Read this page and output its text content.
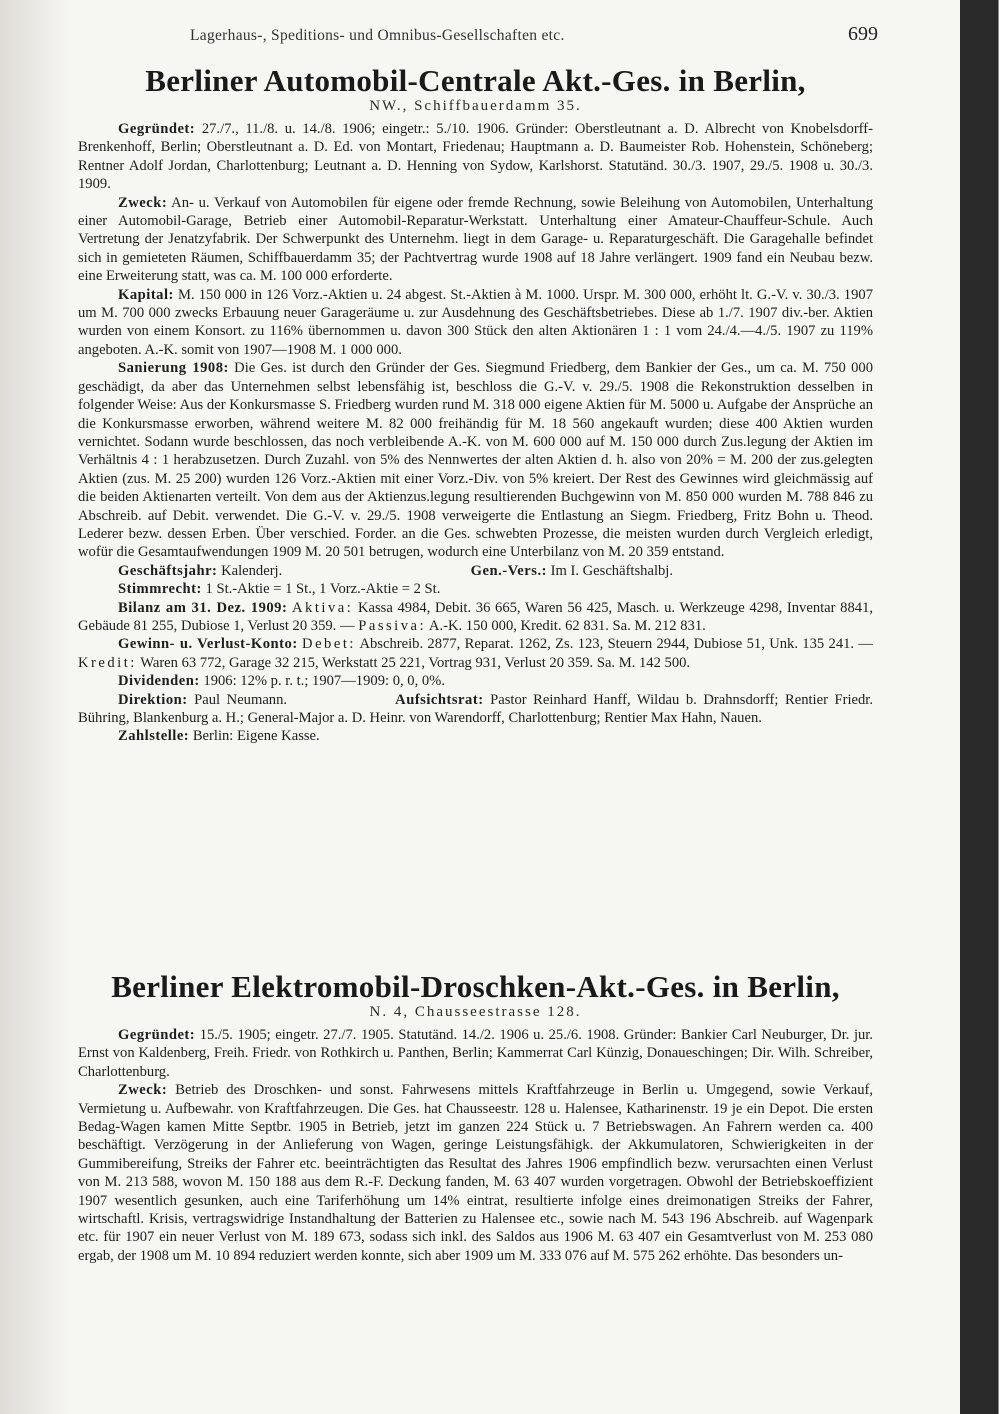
Lagerhaus-, Speditions- und Omnibus-Gesellschaften etc.	699
Berliner Automobil-Centrale Akt.-Ges. in Berlin,

NW., Schiffbauerdamm 35.

Gegründet: 27./7., 11./8. u. 14./8. 1906; eingetr.: 5./10. 1906. Gründer: Oberstleutnant a. D. Albrecht von Knobelsdorff-Brenkenhoff, Berlin; Oberstleutnant a. D. Ed. von Montart, Friedenau; Hauptmann a. D. Baumeister Rob. Hohenstein, Schöneberg; Rentner Adolf Jordan, Charlottenburg; Leutnant a. D. Henning von Sydow, Karlshorst. Statutänd. 30./3. 1907, 29./5. 1908 u. 30./3. 1909.

Zweck: An- u. Verkauf von Automobilen für eigene oder fremde Rechnung, sowie Beleihung von Automobilen, Unterhaltung einer Automobil-Garage, Betrieb einer Automobil-Reparatur-Werkstatt. Unterhaltung einer Amateur-Chauffeur-Schule. Auch Vertretung der Jenatzyfabrik. Der Schwerpunkt des Unternehm. liegt in dem Garage- u. Reparaturgeschäft. Die Garagehalle befindet sich in gemieteten Räumen, Schiffbauerdamm 35; der Pachtvertrag wurde 1908 auf 18 Jahre verlängert. 1909 fand ein Neubau bezw. eine Erweiterung statt, was ca. M. 100 000 erforderte.

Kapital: M. 150 000 in 126 Vorz.-Aktien u. 24 abgest. St.-Aktien à M. 1000. Urspr. M. 300 000, erhöht lt. G.-V. v. 30./3. 1907 um M. 700 000 zwecks Erbauung neuer Garageräume u. zur Ausdehnung des Geschäftsbetriebes. Diese ab 1./7. 1907 div.-ber. Aktien wurden von einem Konsort. zu 116% übernommen u. davon 300 Stück den alten Aktionären 1 : 1 vom 24./4.—4./5. 1907 zu 119% angeboten. A.-K. somit von 1907—1908 M. 1 000 000.

Sanierung 1908: Die Ges. ist durch den Gründer der Ges. Siegmund Friedberg, dem Bankier der Ges., um ca. M. 750 000 geschädigt, da aber das Unternehmen selbst lebensfähig ist, beschloss die G.-V. v. 29./5. 1908 die Rekonstruktion desselben in folgender Weise: Aus der Konkursmasse S. Friedberg wurden rund M. 318 000 eigene Aktien für M. 5000 u. Aufgabe der Ansprüche an die Konkursmasse erworben, während weitere M. 82 000 freihändig für M. 18 560 angekauft wurden; diese 400 Aktien wurden vernichtet. Sodann wurde beschlossen, das noch verbleibende A.-K. von M. 600 000 auf M. 150 000 durch Zus.legung der Aktien im Verhältnis 4 : 1 herabzusetzen. Durch Zuzahl. von 5% des Nennwertes der alten Aktien d. h. also von 20% = M. 200 der zus.gelegten Aktien (zus. M. 25 200) wurden 126 Vorz.-Aktien mit einer Vorz.-Div. von 5% kreiert. Der Rest des Gewinnes wird gleichmässig auf die beiden Aktienarten verteilt. Von dem aus der Aktienzus.legung resultierenden Buchgewinn von M. 850 000 wurden M. 788 846 zu Abschreib. auf Debit. verwendet. Die G.-V. v. 29./5. 1908 verweigerte die Entlastung an Siegm. Friedberg, Fritz Bohn u. Theod. Lederer bezw. dessen Erben. Über verschied. Forder. an die Ges. schwebten Prozesse, die meisten wurden durch Vergleich erledigt, wofür die Gesamtaufwendungen 1909 M. 20 501 betrugen, wodurch eine Unterbilanz von M. 20 359 entstand.

Geschäftsjahr: Kalenderj.	Gen.-Vers.: Im I. Geschäftshalbj.

Stimmrecht: 1 St.-Aktie = 1 St., 1 Vorz.-Aktie = 2 St.

Bilanz am 31. Dez. 1909: Aktiva: Kassa 4984, Debit. 36 665, Waren 56 425, Masch. u. Werkzeuge 4298, Inventar 8841, Gebäude 81 255, Dubiose 1, Verlust 20 359. — Passiva: A.-K. 150 000, Kredit. 62 831. Sa. M. 212 831.

Gewinn- u. Verlust-Konto: Debet: Abschreib. 2877, Reparat. 1262, Zs. 123, Steuern 2944, Dubiose 51, Unk. 135 241. — Kredit: Waren 63 772, Garage 32 215, Werkstatt 25 221, Vortrag 931, Verlust 20 359. Sa. M. 142 500.

Dividenden: 1906: 12% p. r. t.; 1907—1909: 0, 0, 0%.

Direktion: Paul Neumann.	Aufsichtsrat: Pastor Reinhard Hanff, Wildau b. Drahnsdorff; Rentier Friedr. Bühring, Blankenburg a. H.; General-Major a. D. Heinr. von Warendorff, Charlottenburg; Rentier Max Hahn, Nauen.

Zahlstelle: Berlin: Eigene Kasse.

Berliner Elektromobil-Droschken-Akt.-Ges. in Berlin,

N. 4, Chausseestrasse 128.

Gegründet: 15./5. 1905; eingetr. 27./7. 1905. Statutänd. 14./2. 1906 u. 25./6. 1908. Gründer: Bankier Carl Neuburger, Dr. jur. Ernst von Kaldenberg, Freih. Friedr. von Rothkirch u. Panthen, Berlin; Kammerrat Carl Künzig, Donaueschingen; Dir. Wilh. Schreiber, Charlottenburg.

Zweck: Betrieb des Droschken- und sonst. Fahrwesens mittels Kraftfahrzeuge in Berlin u. Umgegend, sowie Verkauf, Vermietung u. Aufbewahr. von Kraftfahrzeugen. Die Ges. hat Chausseestr. 128 u. Halensee, Katharinenstr. 19 je ein Depot. Die ersten Bedag-Wagen kamen Mitte Septbr. 1905 in Betrieb, jetzt im ganzen 224 Stück u. 7 Betriebswagen. An Fahrern werden ca. 400 beschäftigt. Verzögerung in der Anlieferung von Wagen, geringe Leistungsfähigk. der Akkumulatoren, Schwierigkeiten in der Gummibereifung, Streiks der Fahrer etc. beeinträchtigten das Resultat des Jahres 1906 empfindlich bezw. verursachten einen Verlust von M. 213 588, wovon M. 150 188 aus dem R.-F. Deckung fanden, M. 63 407 wurden vorgetragen. Obwohl der Betriebskoeffizient 1907 wesentlich gesunken, auch eine Tariferhöhung um 14% eintrat, resultierte infolge eines dreimonatigen Streiks der Fahrer, wirtschaftl. Krisis, vertragswidrige Instandhaltung der Batterien zu Halensee etc., sowie nach M. 543 196 Abschreib. auf Wagenpark etc. für 1907 ein neuer Verlust von M. 189 673, sodass sich inkl. des Saldos aus 1906 M. 63 407 ein Gesamtverlust von M. 253 080 ergab, der 1908 um M. 10 894 reduziert werden konnte, sich aber 1909 um M. 333 076 auf M. 575 262 erhöhte. Das besonders un-
